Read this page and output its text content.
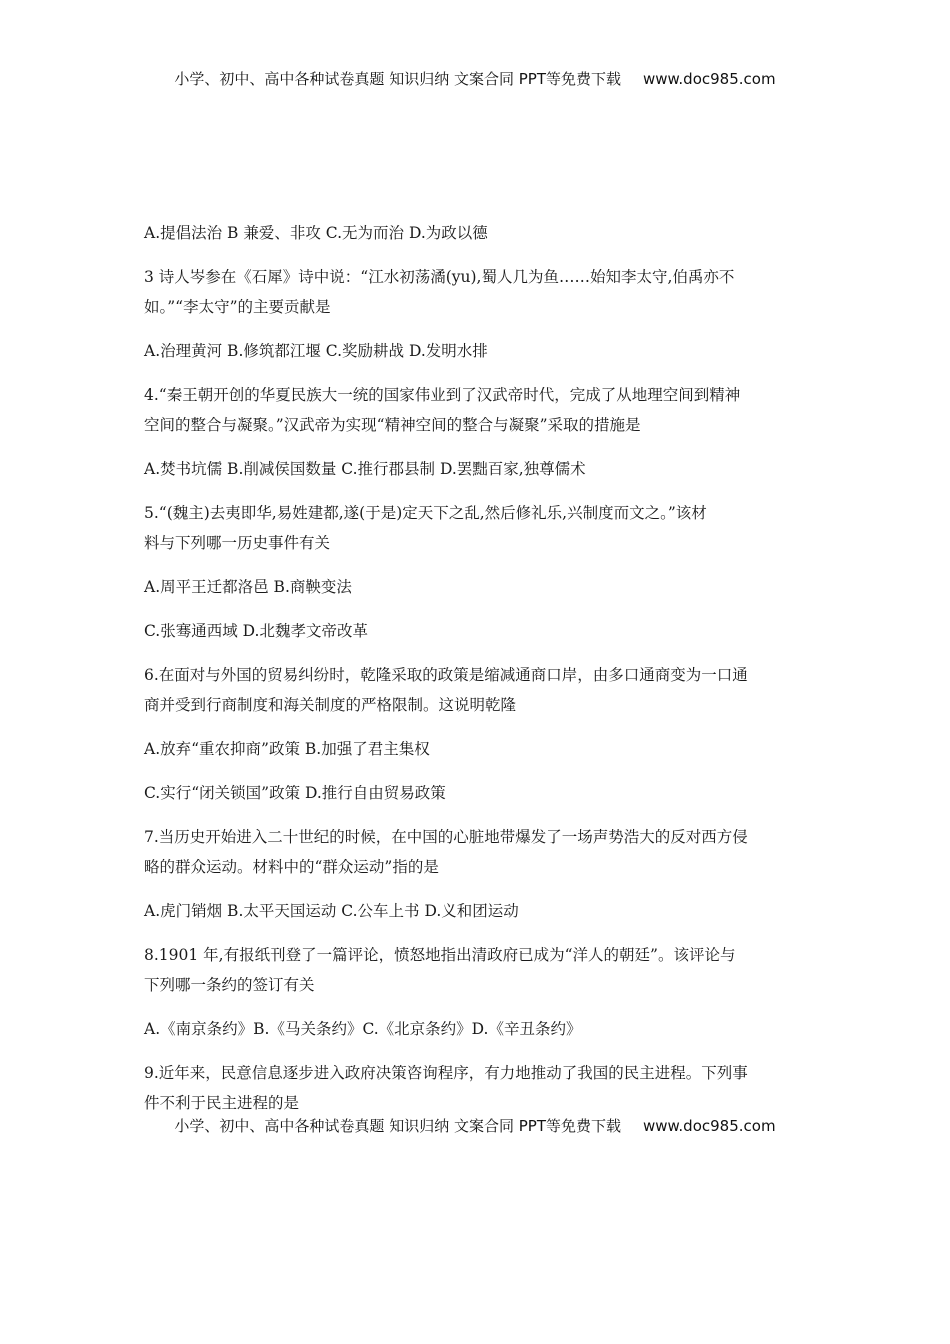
小学、初中、高中各种试卷真题 知识归纳 文案合同 PPT等免费下载 www.doc985.com

A.提倡法治 B 兼爱、非攻 C.无为而治 D.为政以德

3 诗人岑参在《石犀》诗中说：“江水初荡潏(yu),蜀人几为鱼……始知李太守,伯禹亦不

如。”“李太守”的主要贡献是

A.治理黄河 B.修筑都江堰 C.奖励耕战 D.发明水排

4.“秦王朝开创的华夏民族大一统的国家伟业到了汉武帝时代，完成了从地理空间到精神

空间的整合与凝聚。”汉武帝为实现“精神空间的整合与凝聚”采取的措施是

A.焚书坑儒 B.削减侯国数量 C.推行郡县制 D.罢黜百家,独尊儒术

5.“(魏主)去夷即华,易姓建都,遂(于是)定天下之乱,然后修礼乐,兴制度而文之。”该材

料与下列哪一历史事件有关

A.周平王迁都洛邑 B.商鞅变法

C.张骞通西域 D.北魏孝文帝改革

6.在面对与外国的贸易纠纷时，乾隆采取的政策是缩减通商口岸，由多口通商变为一口通

商并受到行商制度和海关制度的严格限制。这说明乾隆

A.放弃“重农抑商”政策 B.加强了君主集权

C.实行“闭关锁国”政策 D.推行自由贸易政策

7.当历史开始进入二十世纪的时候，在中国的心脏地带爆发了一场声势浩大的反对西方侵

略的群众运动。材料中的“群众运动”指的是

A.虎门销烟 B.太平天国运动 C.公车上书 D.义和团运动

8.1901 年,有报纸刊登了一篇评论，愤怒地指出清政府已成为“洋人的朝廷”。该评论与

下列哪一条约的签订有关

A.《南京条约》B.《马关条约》C.《北京条约》D.《辛丑条约》

9.近年来，民意信息逐步进入政府决策咨询程序，有力地推动了我国的民主进程。下列事

件不利于民主进程的是

小学、初中、高中各种试卷真题 知识归纳 文案合同 PPT等免费下载 www.doc985.com
